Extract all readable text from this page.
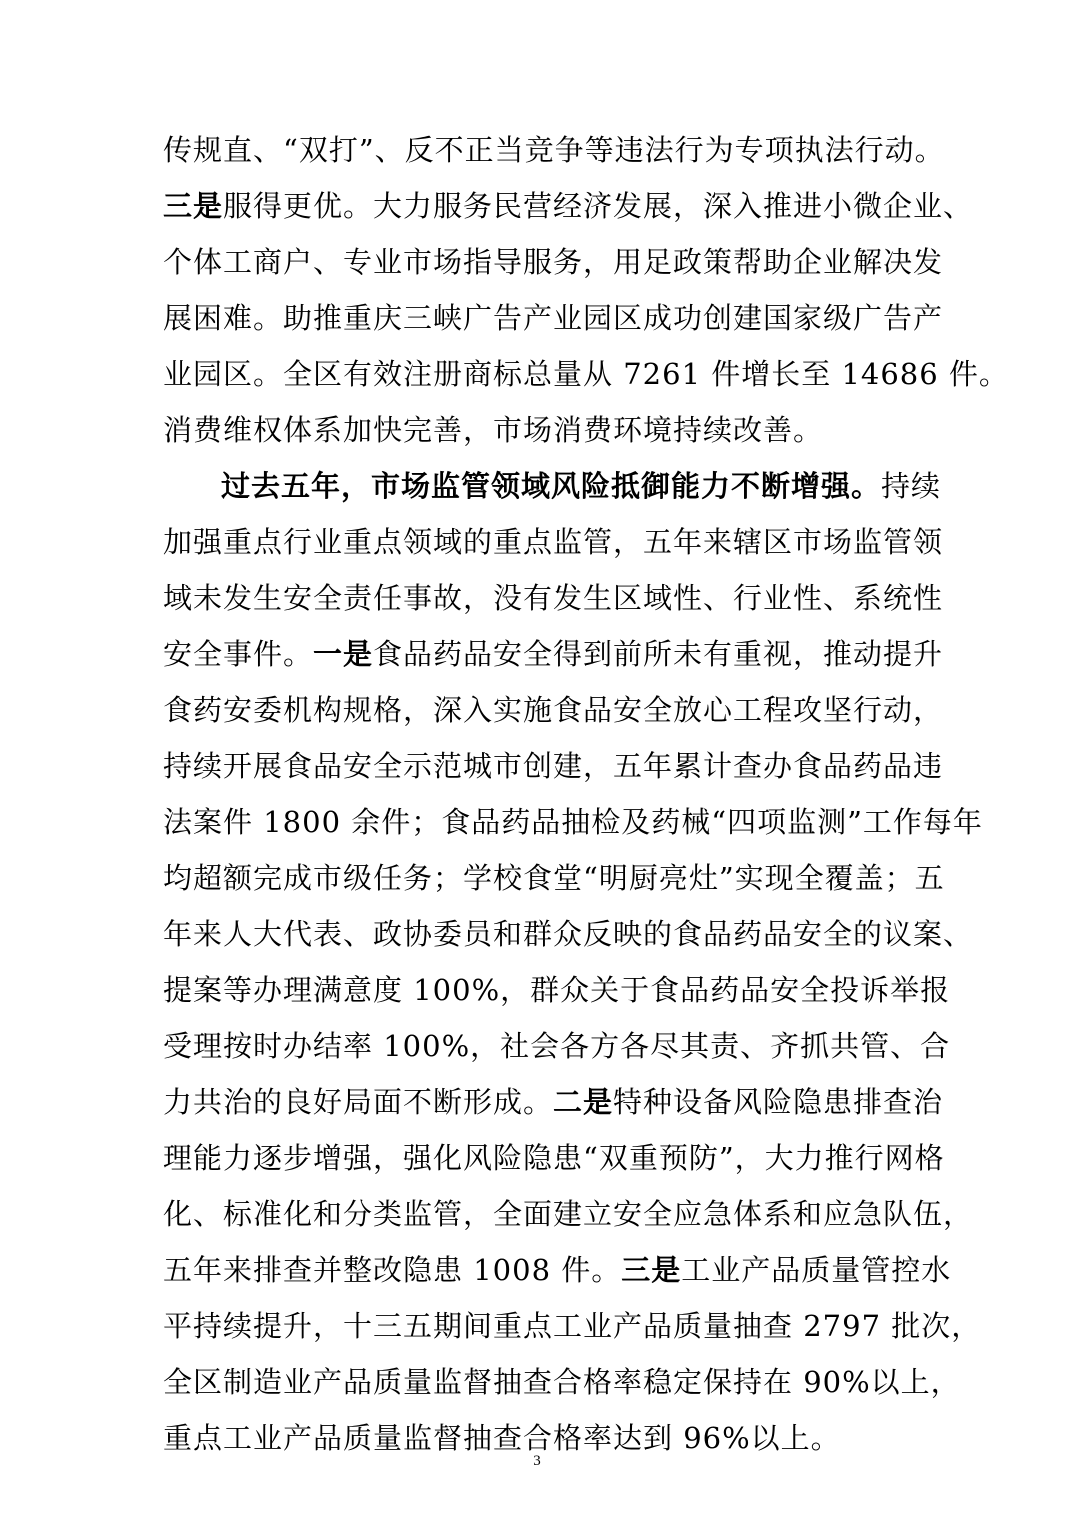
传规直、“双打”、反不正当竞争等违法行为专项执法行动。
三是服得更优。大力服务民营经济发展，深入推进小微企业、
个体工商户、专业市场指导服务，用足政策帮助企业解决发
展困难。助推重庆三峡广告产业园区成功创建国家级广告产
业园区。全区有效注册商标总量从 7261 件增长至 14686 件。
消费维权体系加快完善，市场消费环境持续改善。
过去五年，市场监管领域风险抵御能力不断增强。持续
加强重点行业重点领域的重点监管，五年来辖区市场监管领
域未发生安全责任事故，没有发生区域性、行业性、系统性
安全事件。一是食品药品安全得到前所未有重视，推动提升
食药安委机构规格，深入实施食品安全放心工程攻坚行动，
持续开展食品安全示范城市创建，五年累计查办食品药品违
法案件 1800 余件；食品药品抽检及药械“四项监测”工作每年
均超额完成市级任务；学校食堂“明厨亮灶”实现全覆盖；五
年来人大代表、政协委员和群众反映的食品药品安全的议案、
提案等办理满意度 100%，群众关于食品药品安全投诉举报
受理按时办结率 100%，社会各方各尽其责、齐抓共管、合
力共治的良好局面不断形成。二是特种设备风险隐患排查治
理能力逐步增强，强化风险隐患“双重预防”，大力推行网格
化、标准化和分类监管，全面建立安全应急体系和应急队伍，
五年来排查并整改隐患 1008 件。三是工业产品质量管控水
平持续提升，十三五期间重点工业产品质量抽查 2797 批次，
全区制造业产品质量监督抽查合格率稳定保持在 90%以上，
重点工业产品质量监督抽查合格率达到 96%以上。
3
